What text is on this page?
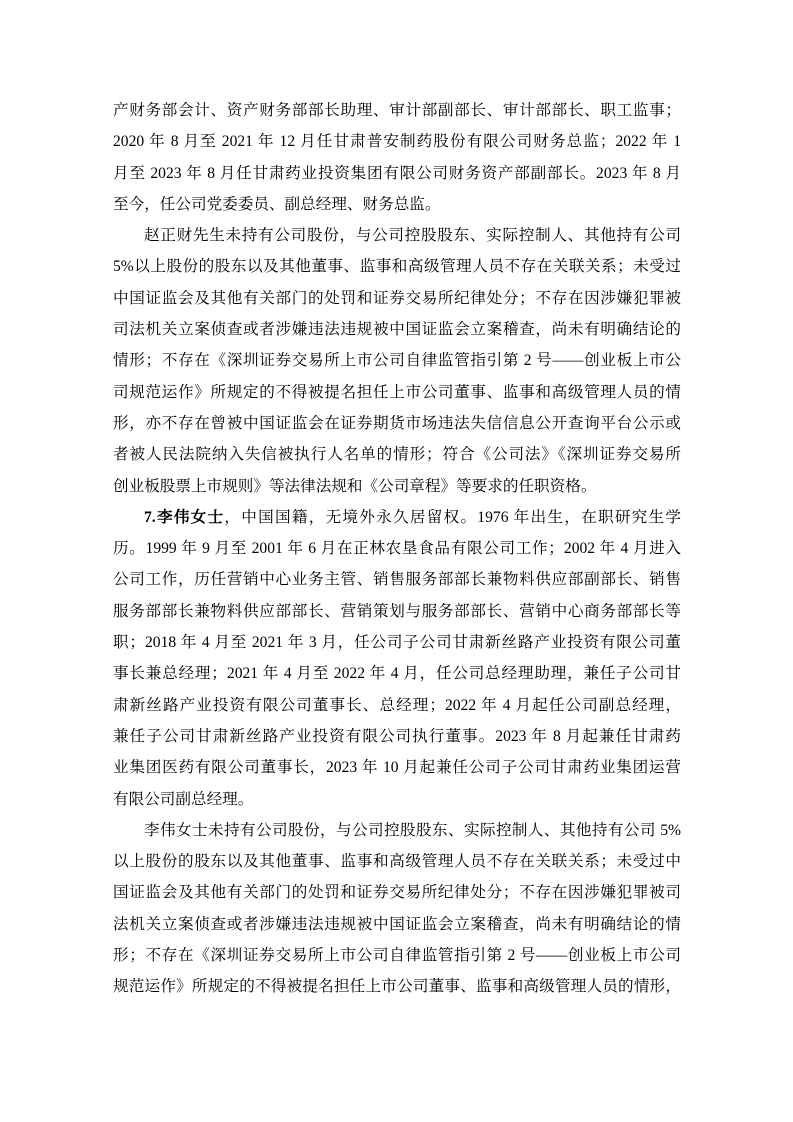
产财务部会计、资产财务部部长助理、审计部副部长、审计部部长、职工监事；
2020 年 8 月至 2021 年 12 月任甘肃普安制药股份有限公司财务总监；2022 年 1
月至 2023 年 8 月任甘肃药业投资集团有限公司财务资产部副部长。2023 年 8 月
至今，任公司党委委员、副总经理、财务总监。
赵正财先生未持有公司股份，与公司控股股东、实际控制人、其他持有公司
5%以上股份的股东以及其他董事、监事和高级管理人员不存在关联关系；未受过
中国证监会及其他有关部门的处罚和证券交易所纪律处分；不存在因涉嫌犯罪被
司法机关立案侦查或者涉嫌违法违规被中国证监会立案稽查，尚未有明确结论的
情形；不存在《深圳证券交易所上市公司自律监管指引第 2 号——创业板上市公
司规范运作》所规定的不得被提名担任上市公司董事、监事和高级管理人员的情
形，亦不存在曾被中国证监会在证券期货市场违法失信信息公开查询平台公示或
者被人民法院纳入失信被执行人名单的情形；符合《公司法》《深圳证券交易所
创业板股票上市规则》等法律法规和《公司章程》等要求的任职资格。
7.李伟女士，中国国籍，无境外永久居留权。1976 年出生，在职研究生学
历。1999 年 9 月至 2001 年 6 月在正林农垦食品有限公司工作；2002 年 4 月进入
公司工作，历任营销中心业务主管、销售服务部部长兼物料供应部副部长、销售
服务部部长兼物料供应部部长、营销策划与服务部部长、营销中心商务部部长等
职；2018 年 4 月至 2021 年 3 月，任公司子公司甘肃新丝路产业投资有限公司董
事长兼总经理；2021 年 4 月至 2022 年 4 月，任公司总经理助理，兼任子公司甘
肃新丝路产业投资有限公司董事长、总经理；2022 年 4 月起任公司副总经理，
兼任子公司甘肃新丝路产业投资有限公司执行董事。2023 年 8 月起兼任甘肃药
业集团医药有限公司董事长，2023 年 10 月起兼任公司子公司甘肃药业集团运营
有限公司副总经理。
李伟女士未持有公司股份，与公司控股股东、实际控制人、其他持有公司 5%
以上股份的股东以及其他董事、监事和高级管理人员不存在关联关系；未受过中
国证监会及其他有关部门的处罚和证券交易所纪律处分；不存在因涉嫌犯罪被司
法机关立案侦查或者涉嫌违法违规被中国证监会立案稽查，尚未有明确结论的情
形；不存在《深圳证券交易所上市公司自律监管指引第 2 号——创业板上市公司
规范运作》所规定的不得被提名担任上市公司董事、监事和高级管理人员的情形，
